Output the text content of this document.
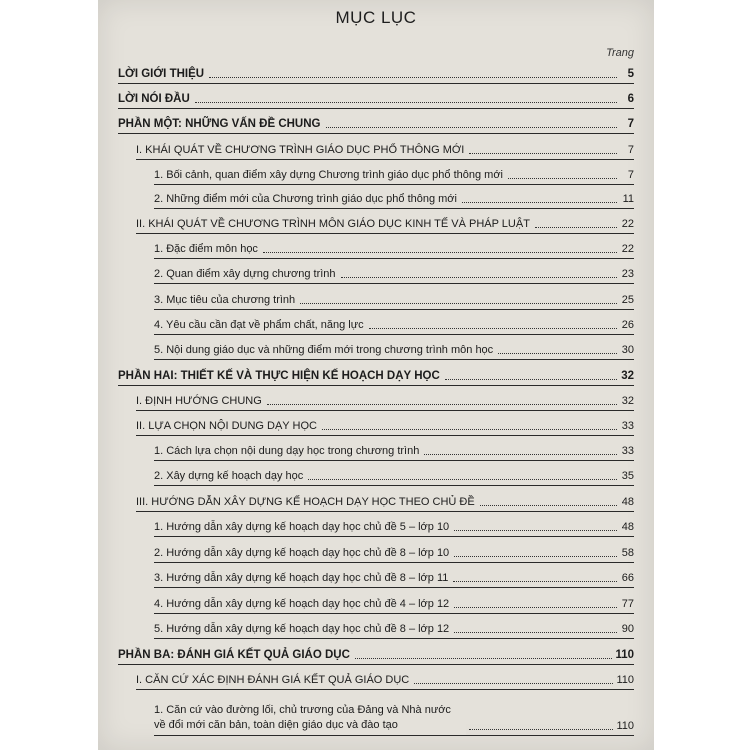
MỤC LỤC
Trang
LỜI GIỚI THIỆU	5
LỜI NÓI ĐẦU	6
PHẦN MỘT: NHỮNG VẤN ĐỀ CHUNG	7
I. KHÁI QUÁT VỀ CHƯƠNG TRÌNH GIÁO DỤC PHỔ THÔNG MỚI	7
1. Bối cảnh, quan điểm xây dựng Chương trình giáo dục phổ thông mới	7
2. Những điểm mới của Chương trình giáo dục phổ thông mới	11
II. KHÁI QUÁT VỀ CHƯƠNG TRÌNH MÔN GIÁO DỤC KINH TẾ VÀ PHÁP LUẬT	22
1. Đặc điểm môn học	22
2. Quan điểm xây dựng chương trình	23
3. Mục tiêu của chương trình	25
4. Yêu cầu cần đạt về phẩm chất, năng lực	26
5. Nội dung giáo dục và những điểm mới trong chương trình môn học	30
PHẦN HAI: THIẾT KẾ VÀ THỰC HIỆN KẾ HOẠCH DẠY HỌC	32
I. ĐỊNH HƯỚNG CHUNG	32
II. LỰA CHỌN NỘI DUNG DẠY HỌC	33
1. Cách lựa chọn nội dung dạy học trong chương trình	33
2. Xây dựng kế hoạch dạy học	35
III. HƯỚNG DẪN XÂY DỰNG KẾ HOẠCH DẠY HỌC THEO CHỦ ĐỀ	48
1. Hướng dẫn xây dựng kế hoạch dạy học chủ đề 5 – lớp 10	48
2. Hướng dẫn xây dựng kế hoạch dạy học chủ đề 8 – lớp 10	58
3. Hướng dẫn xây dựng kế hoạch dạy học chủ đề 8 – lớp 11	66
4. Hướng dẫn xây dựng kế hoạch dạy học chủ đề 4 – lớp 12	77
5. Hướng dẫn xây dựng kế hoạch dạy học chủ đề 8 – lớp 12	90
PHẦN BA: ĐÁNH GIÁ KẾT QUẢ GIÁO DỤC	110
I. CĂN CỨ XÁC ĐỊNH ĐÁNH GIÁ KẾT QUẢ GIÁO DỤC	110
1. Căn cứ vào đường lối, chủ trương của Đảng và Nhà nước về đổi mới căn bản, toàn diện giáo dục và đào tạo	110
